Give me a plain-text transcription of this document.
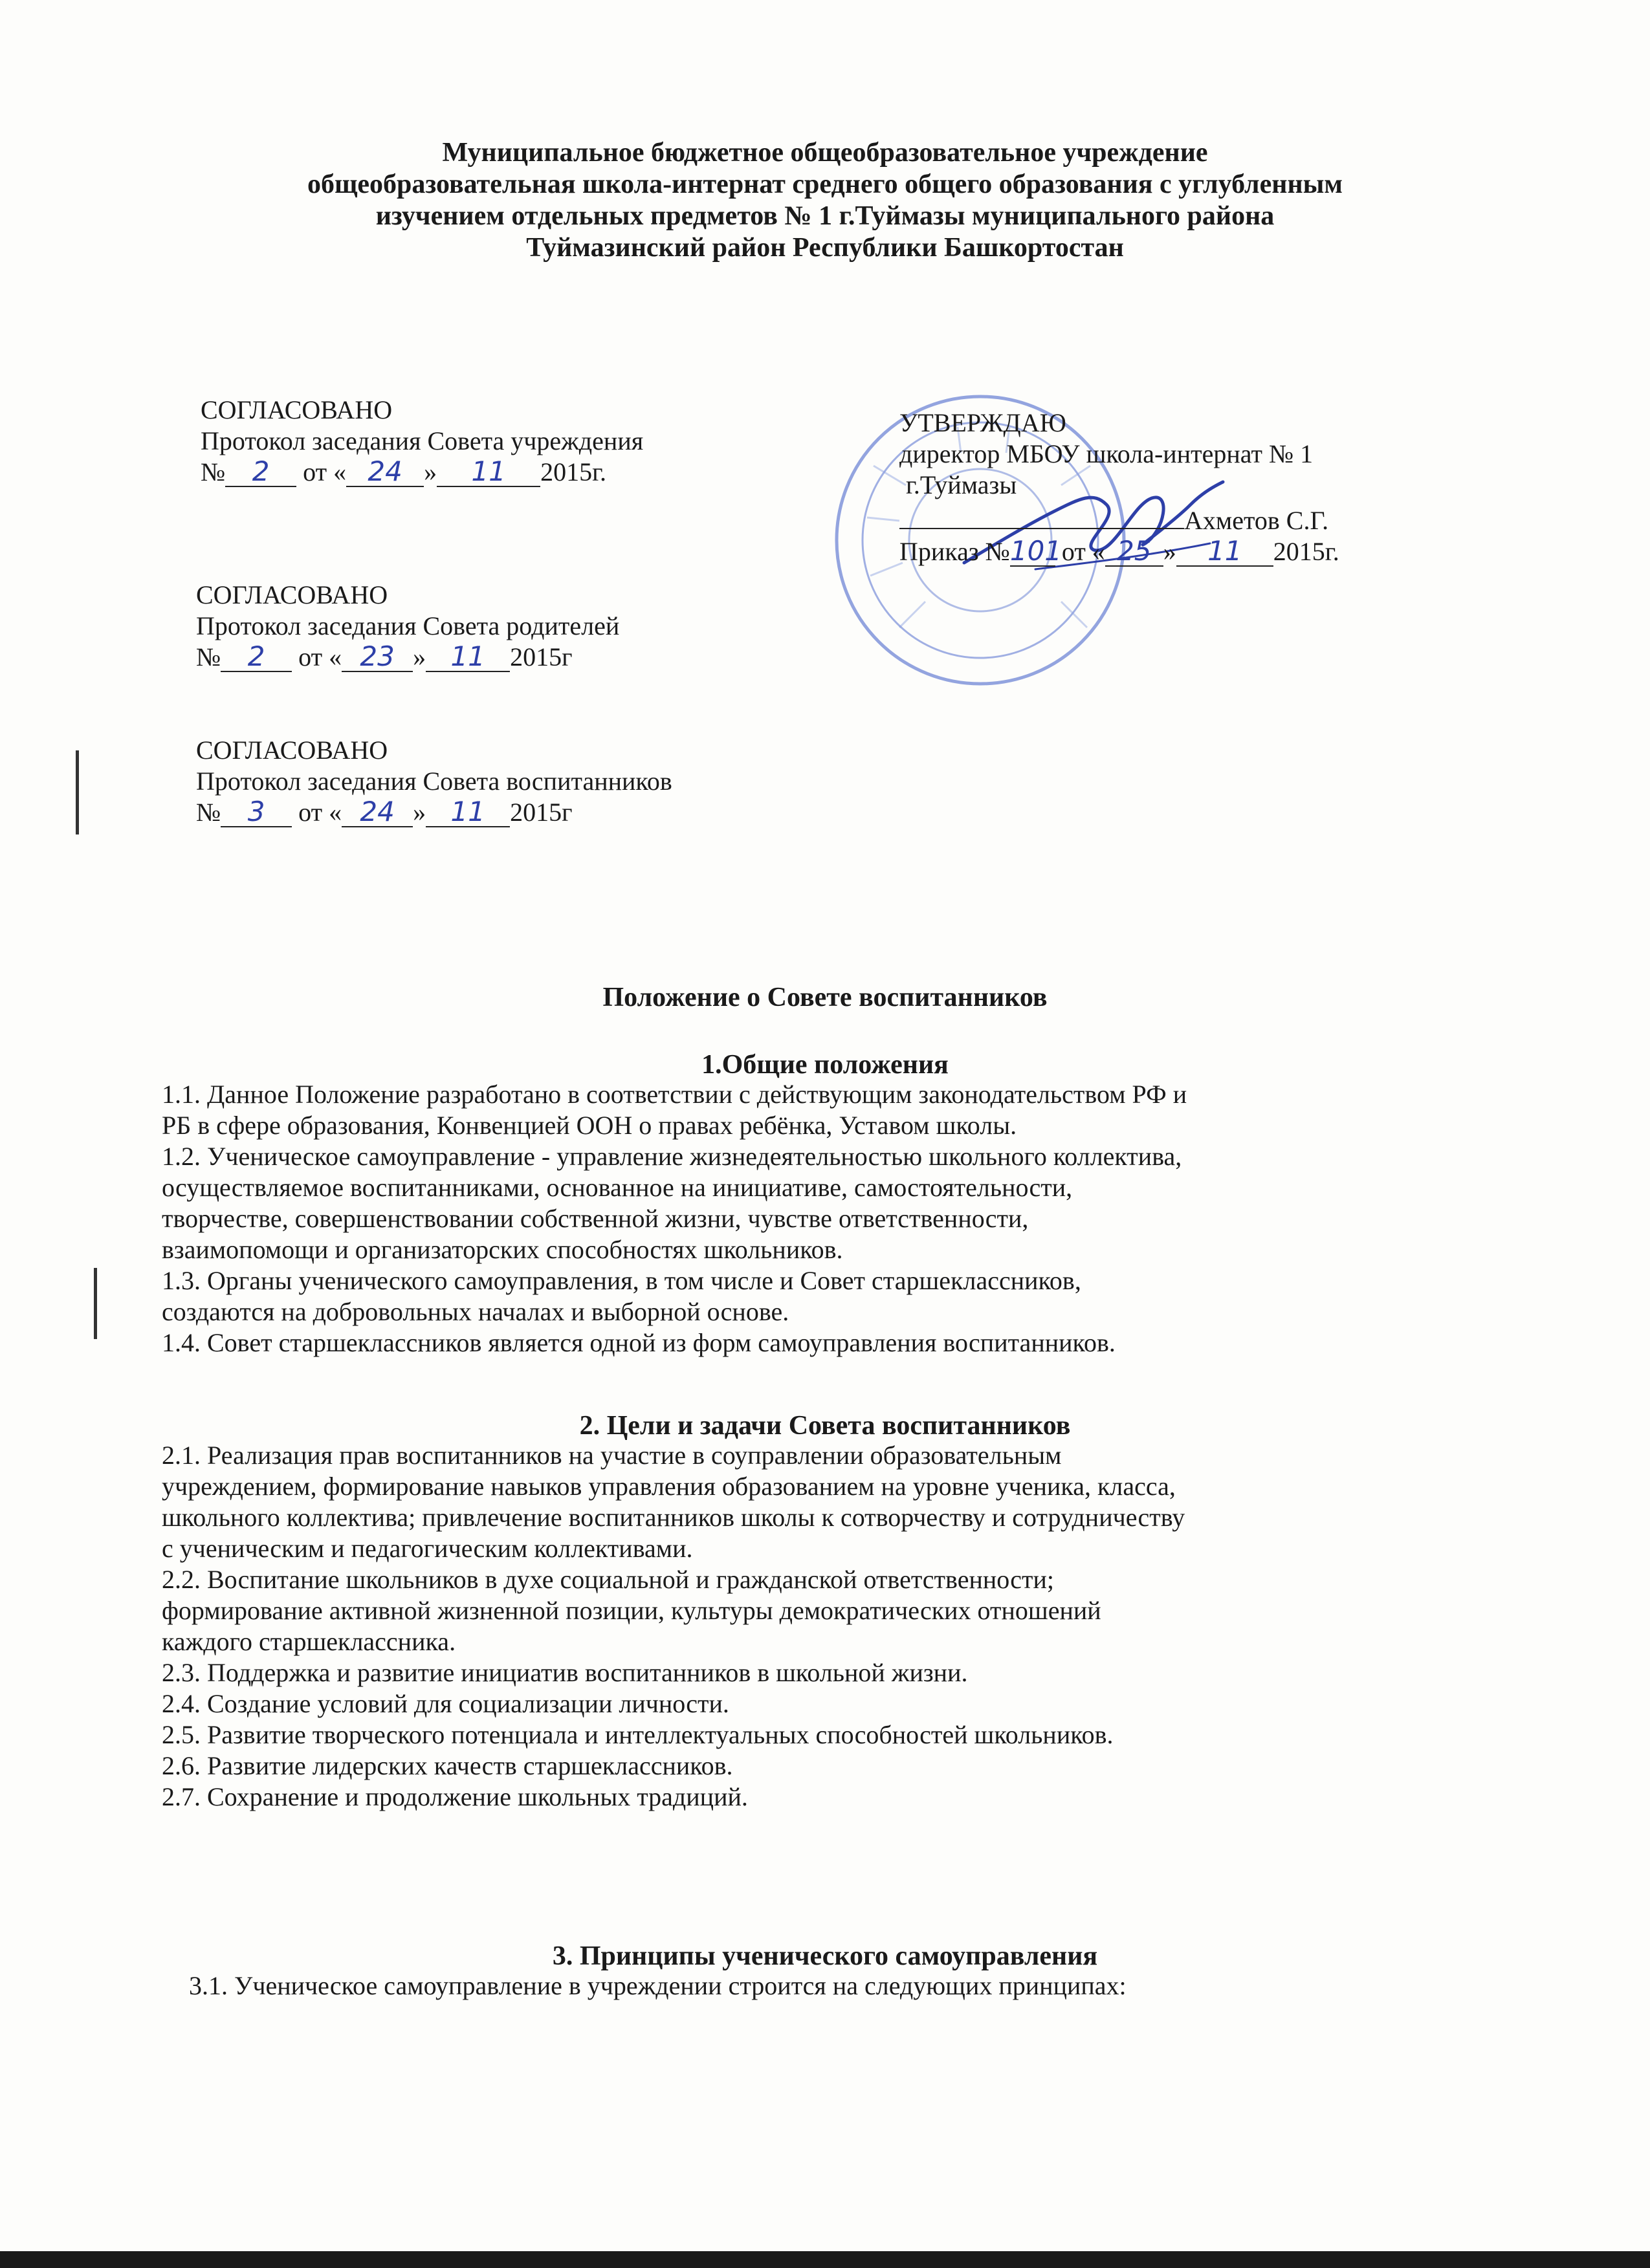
Муниципальное бюджетное общеобразовательное учреждение
общеобразовательная школа-интернат среднего общего образования с углубленным
изучением отдельных предметов № 1 г.Туймазы муниципального района
Туймазинский район Республики Башкортостан
СОГЛАСОВАНО
Протокол заседания Совета учреждения
№ 2 от « 24 » 11 2015г.
СОГЛАСОВАНО
Протокол заседания Совета родителей
№ 2 от « 23 » 11 2015г
СОГЛАСОВАНО
Протокол заседания Совета воспитанников
№ 3 от « 24 » 11 2015г
УТВЕРЖДАЮ
директор МБОУ школа-интернат № 1
г.Туймазы
Ахметов С.Г.
Приказ №101 от « 25 » 11 2015г.
Положение о Совете воспитанников
1.Общие положения
1.1. Данное Положение разработано в соответствии с действующим законодательством РФ и
РБ в сфере образования, Конвенцией ООН о правах ребёнка, Уставом школы.
1.2. Ученическое самоуправление - управление жизнедеятельностью школьного коллектива,
осуществляемое воспитанниками, основанное на инициативе, самостоятельности,
творчестве, совершенствовании собственной жизни, чувстве ответственности,
взаимопомощи и организаторских способностях школьников.
1.3. Органы ученического самоуправления, в том числе и Совет старшеклассников,
создаются на добровольных началах и выборной основе.
1.4. Совет старшеклассников является одной из форм самоуправления воспитанников.
2. Цели и задачи Совета воспитанников
2.1. Реализация прав воспитанников на участие в соуправлении образовательным
учреждением, формирование навыков управления образованием на уровне ученика, класса,
школьного коллектива; привлечение воспитанников школы к сотворчеству и сотрудничеству
с ученическим и педагогическим коллективами.
2.2. Воспитание школьников в духе социальной и гражданской ответственности;
формирование активной жизненной позиции, культуры демократических отношений
каждого старшеклассника.
2.3. Поддержка и развитие инициатив воспитанников в школьной жизни.
2.4. Создание условий для социализации личности.
2.5. Развитие творческого потенциала и интеллектуальных способностей школьников.
2.6. Развитие лидерских качеств старшеклассников.
2.7. Сохранение и продолжение школьных традиций.
3. Принципы ученического самоуправления
3.1. Ученическое самоуправление в учреждении строится на следующих принципах:
